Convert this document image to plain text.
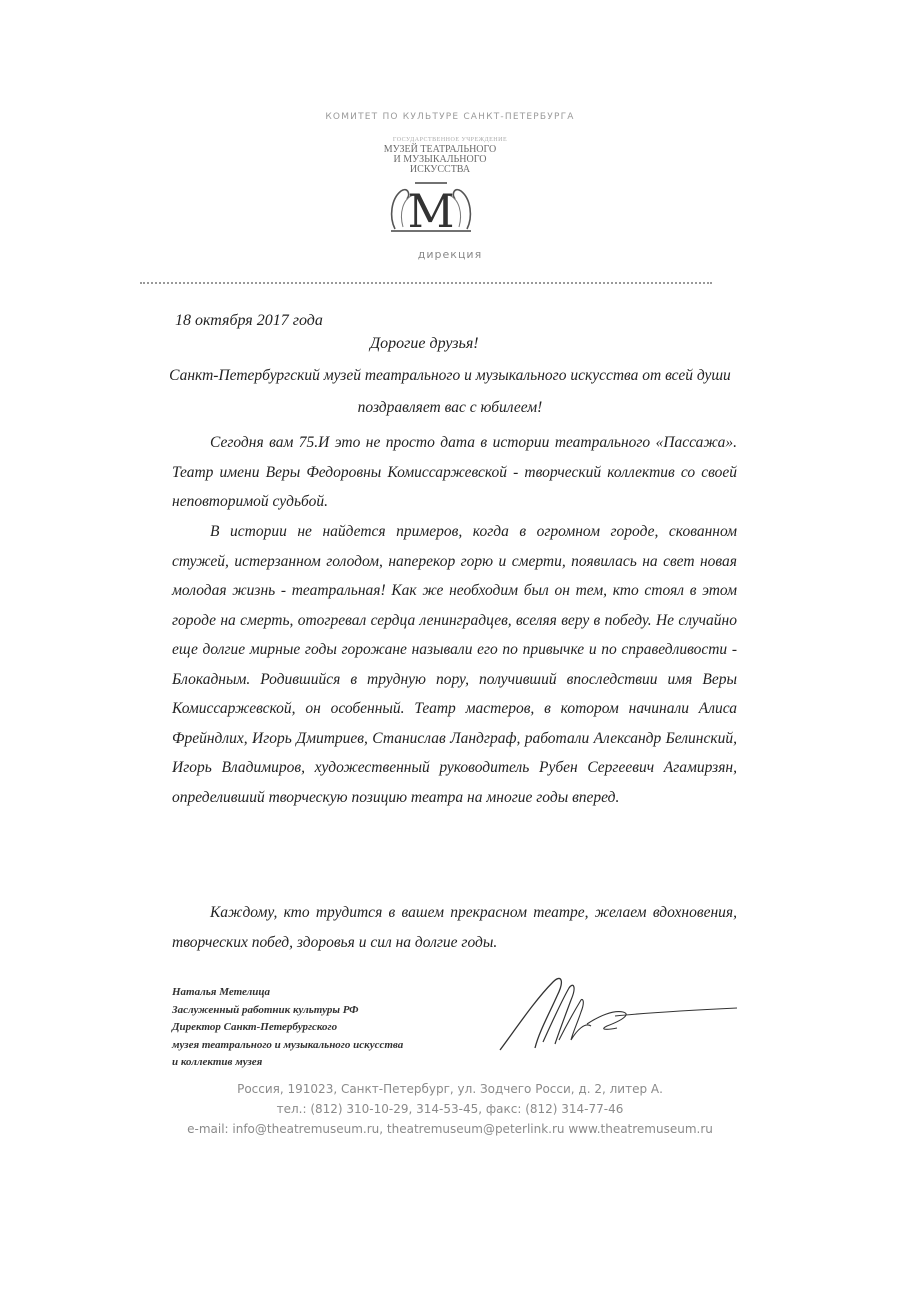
КОМИТЕТ ПО КУЛЬТУРЕ САНКТ-ПЕТЕРБУРГА
ГОСУДАРСТВЕННОЕ УЧРЕЖДЕНИЕ
МУЗЕЙ ТЕАТРАЛЬНОГО
И МУЗЫКАЛЬНОГО
ИСКУССТВА
M
дирекция
18 октября 2017 года
Дорогие друзья!
Санкт-Петербургский музей театрального и музыкального искусства от всей души поздравляет вас с юбилеем!

Сегодня вам 75.И это не просто дата в истории театрального «Пассажа». Театр имени Веры Федоровны Комиссаржевской - творческий коллектив со своей неповторимой судьбой.

В истории не найдется примеров, когда в огромном городе, скованном стужей, истерзанном голодом, наперекор горю и смерти, появилась на свет новая молодая жизнь - театральная! Как же необходим был он тем, кто стоял в этом городе на смерть, отогревал сердца ленинградцев, вселяя веру в победу. Не случайно еще долгие мирные годы горожане называли его по привычке и по справедливости - Блокадным. Родившийся в трудную пору, получивший впоследствии имя Веры Комиссаржевской, он особенный. Театр мастеров, в котором начинали Алиса Фрейндлих, Игорь Дмитриев, Станислав Ландграф, работали Александр Белинский, Игорь Владимиров, художественный руководитель Рубен Сергеевич Агамирзян, определивший творческую позицию театра на многие годы вперед.

Каждому, кто трудится в вашем прекрасном театре, желаем вдохновения, творческих побед, здоровья и сил на долгие годы.

Наталья Метелица
Заслуженный работник культуры РФ
Директор Санкт-Петербургского
музея театрального и музыкального искусства
и коллектив музея
Россия, 191023, Санкт-Петербург, ул. Зодчего Росси, д. 2, литер А.
тел.: (812) 310-10-29, 314-53-45, факс: (812) 314-77-46
e-mail: info@theatremuseum.ru, theatremuseum@peterlink.ru www.theatremuseum.ru
